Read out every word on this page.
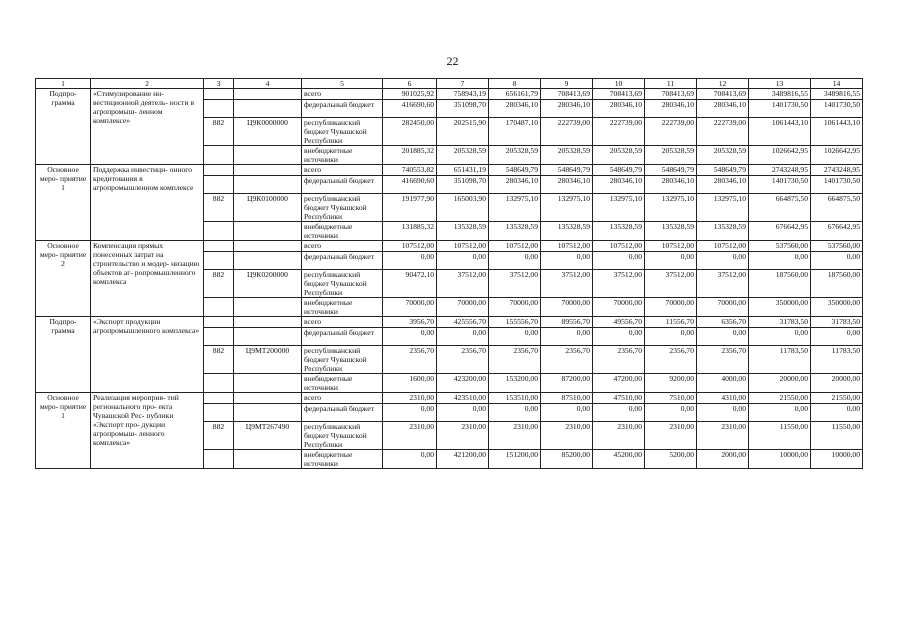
22
1	2	3	4	5	6	7	8	9	10	11	12	13	14
Подпро- грамма	«Стимулирование ин- вестиционной деятель- ности в агропромыш- ленном комплексе»			всего	901025,92	758943,19	656161,79	708413,69	708413,69	708413,69	708413,69	3489816,55	3489816,55
				федеральный бюджет	416690,60	351098,70	280346,10	280346,10	280346,10	280346,10	280346,10	1401730,50	1401730,50
		882	Ц9К0000000	республиканский бюджет Чувашской Республики	282450,00	202515,90	170487,10	222739,00	222739,00	222739,00	222739,00	1061443,10	1061443,10
				внебюджетные источники	201885,32	205328,59	205328,59	205328,59	205328,59	205328,59	205328,59	1026642,95	1026642,95
Основное меро- приятие 1	Поддержка инвестици- онного кредитования в агропромышленном комплексе			всего	740553,82	651431,19	548649,79	548649,79	548649,79	548649,79	548649,79	2743248,95	2743248,95
				федеральный бюджет	416690,60	351098,70	280346,10	280346,10	280346,10	280346,10	280346,10	1401730,50	1401730,50
		882	Ц9К0100000	республиканский бюджет Чувашской Республики	191977,90	165003,90	132975,10	132975,10	132975,10	132975,10	132975,10	664875,50	664875,50
				внебюджетные источники	131885,32	135328,59	135328,59	135328,59	135328,59	135328,59	135328,59	676642,95	676642,95
Основное меро- приятие 2	Компенсация прямых понесенных затрат на строительство и модер- низацию объектов аг- ропромышленного комплекса			всего	107512,00	107512,00	107512,00	107512,00	107512,00	107512,00	107512,00	537560,00	537560,00
				федеральный бюджет	0,00	0,00	0,00	0,00	0,00	0,00	0,00	0,00	0,00
		882	Ц9К0200000	республиканский бюджет Чувашской Республики	90472,10	37512,00	37512,00	37512,00	37512,00	37512,00	37512,00	187560,00	187560,00
				внебюджетные источники	70000,00	70000,00	70000,00	70000,00	70000,00	70000,00	70000,00	350000,00	350000,00
Подпро- грамма	«Экспорт продукции агропромышленного комплекса»			всего	3956,70	425556,70	155556,70	89556,70	49556,70	11556,70	6356,70	31783,50	31783,50
				федеральный бюджет	0,00	0,00	0,00	0,00	0,00	0,00	0,00	0,00	0,00
		882	Ц9МТ200000	республиканский бюджет Чувашской Республики	2356,70	2356,70	2356,70	2356,70	2356,70	2356,70	2356,70	11783,50	11783,50
				внебюджетные источники	1600,00	423200,00	153200,00	87200,00	47200,00	9200,00	4000,00	20000,00	20000,00
Основное меро- приятие 1	Реализация мероприя- тий регионального про- екта Чувашской Рес- публики «Экспорт про- дукции агропромыш- ленного комплекса»			всего	2310,00	423510,00	153510,00	87510,00	47510,00	7510,00	4310,00	21550,00	21550,00
				федеральный бюджет	0,00	0,00	0,00	0,00	0,00	0,00	0,00	0,00	0,00
		882	Ц9МТ267490	республиканский бюджет Чувашской Республики	2310,00	2310,00	2310,00	2310,00	2310,00	2310,00	2310,00	11550,00	11550,00
				внебюджетные источники	0,00	421200,00	151200,00	85200,00	45200,00	5200,00	2000,00	10000,00	10000,00
